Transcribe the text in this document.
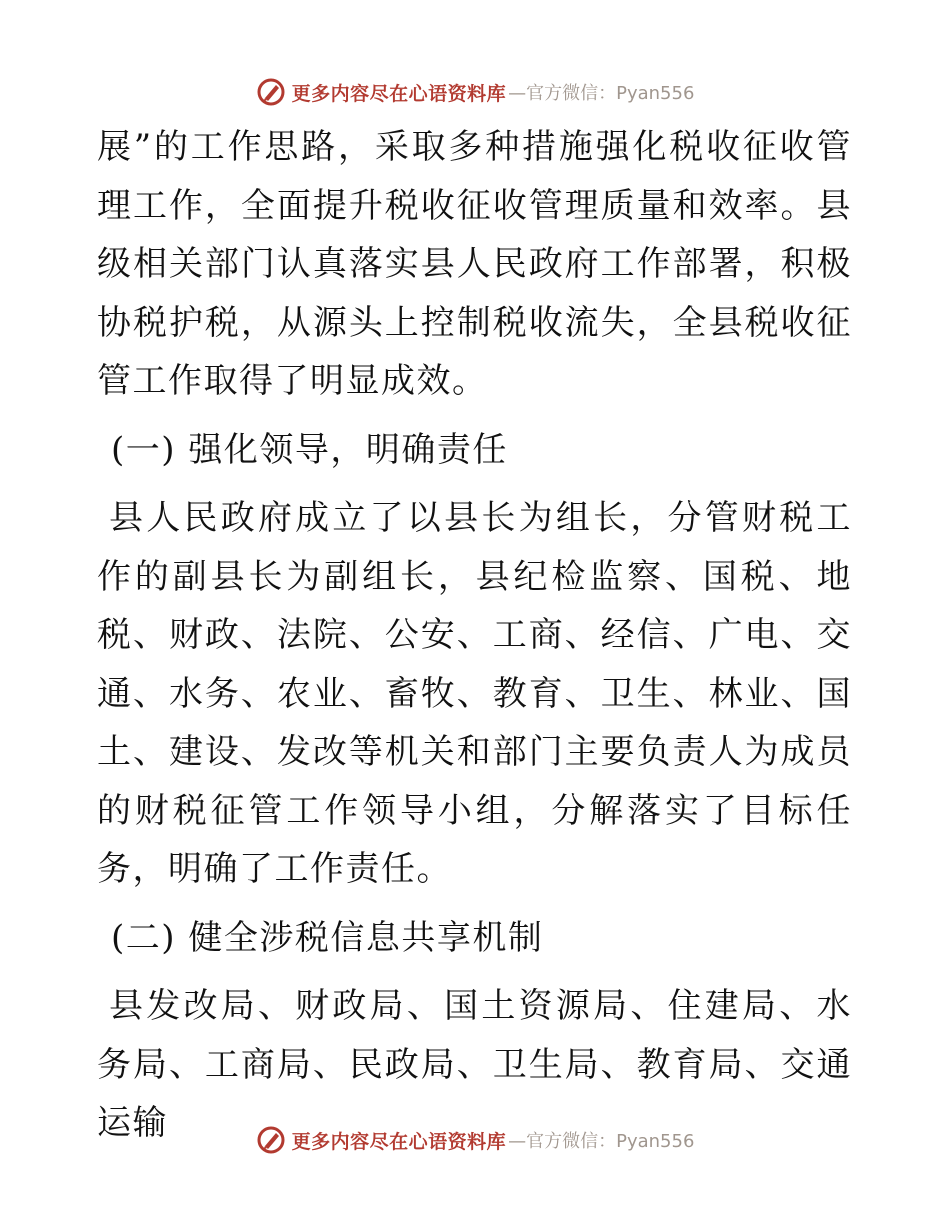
更多内容尽在心语资料库 —官方微信：Pyan556

展”的工作思路，采取多种措施强化税收征收管理工作，全面提升税收征收管理质量和效率。县级相关部门认真落实县人民政府工作部署，积极协税护税，从源头上控制税收流失，全县税收征管工作取得了明显成效。

(一) 强化领导，明确责任

县人民政府成立了以县长为组长，分管财税工作的副县长为副组长，县纪检监察、国税、地税、财政、法院、公安、工商、经信、广电、交通、水务、农业、畜牧、教育、卫生、林业、国土、建设、发改等机关和部门主要负责人为成员的财税征管工作领导小组，分解落实了目标任务，明确了工作责任。

(二) 健全涉税信息共享机制

县发改局、财政局、国土资源局、住建局、水务局、工商局、民政局、卫生局、教育局、交通运输	更多内容尽在心语资料库 —官方微信：Pyan556
